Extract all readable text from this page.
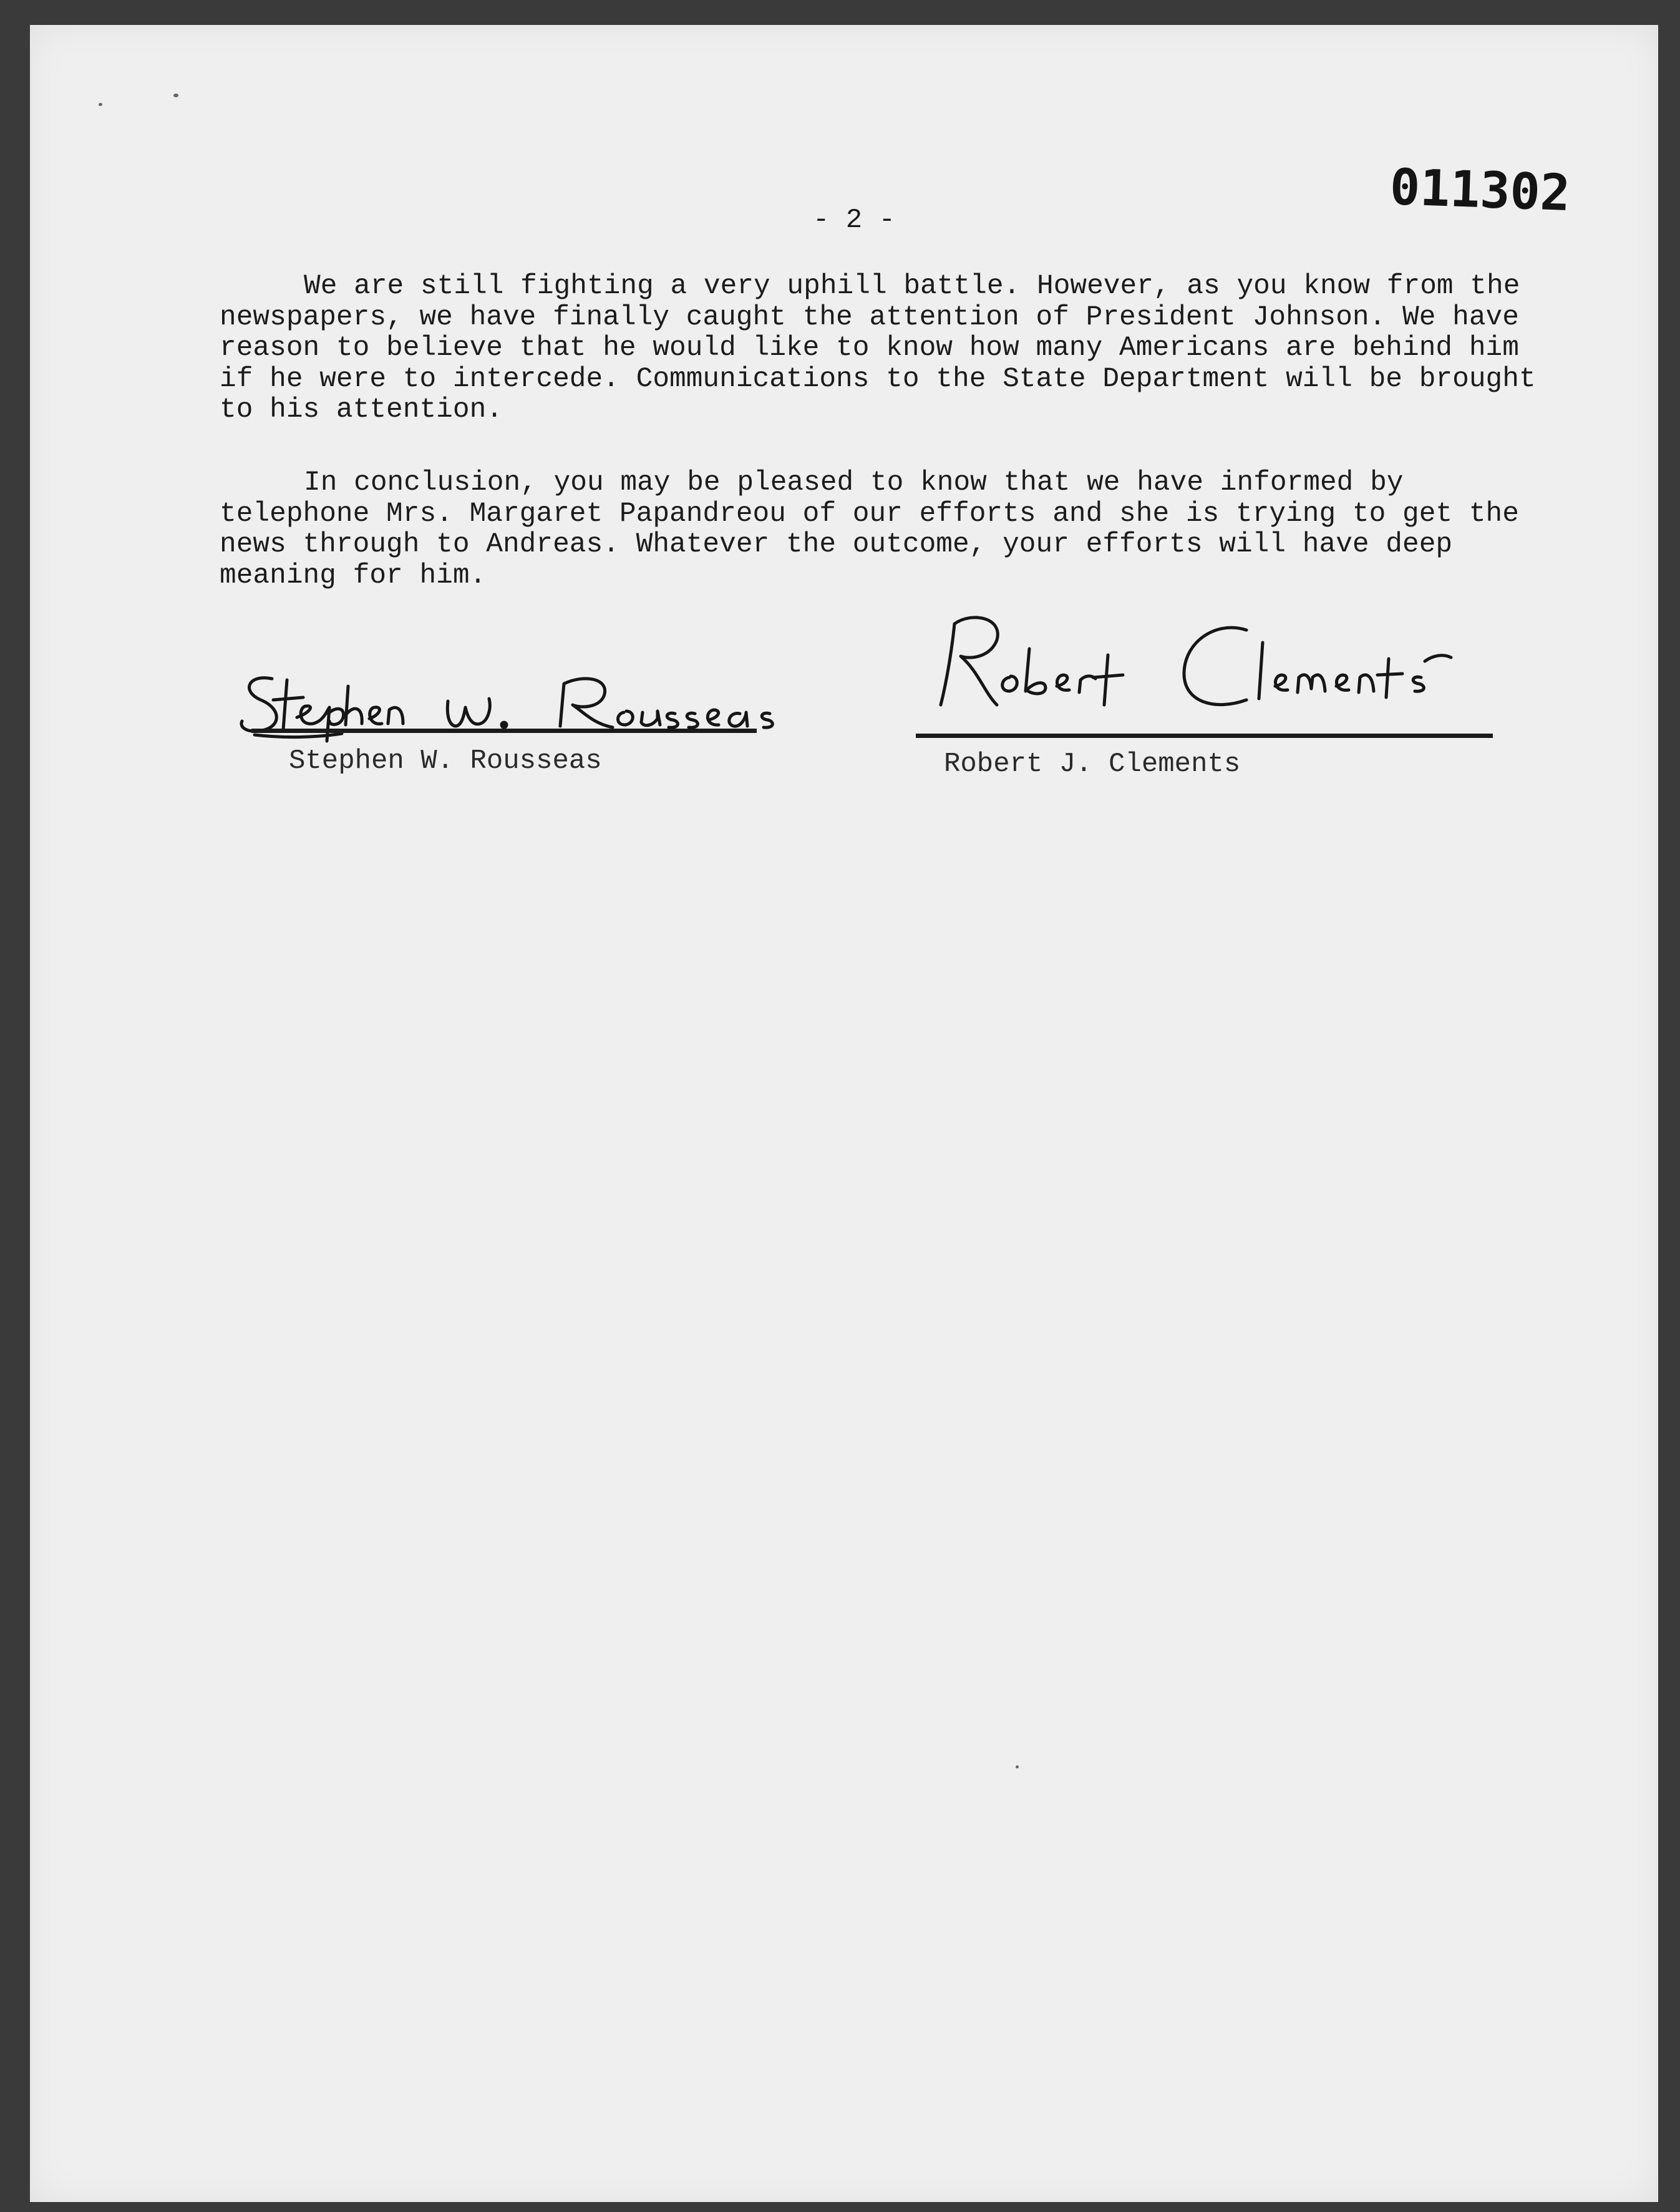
011302
- 2 -

We are still fighting a very uphill battle. However, as you know from the newspapers, we have finally caught the attention of President Johnson. We have reason to believe that he would like to know how many Americans are behind him if he were to intercede. Communications to the State Department will be brought to his attention.

In conclusion, you may be pleased to know that we have informed by telephone Mrs. Margaret Papandreou of our efforts and she is trying to get the news through to Andreas. Whatever the outcome, your efforts will have deep meaning for him.

Stephen W. Rousseas	Robert J. Clements
